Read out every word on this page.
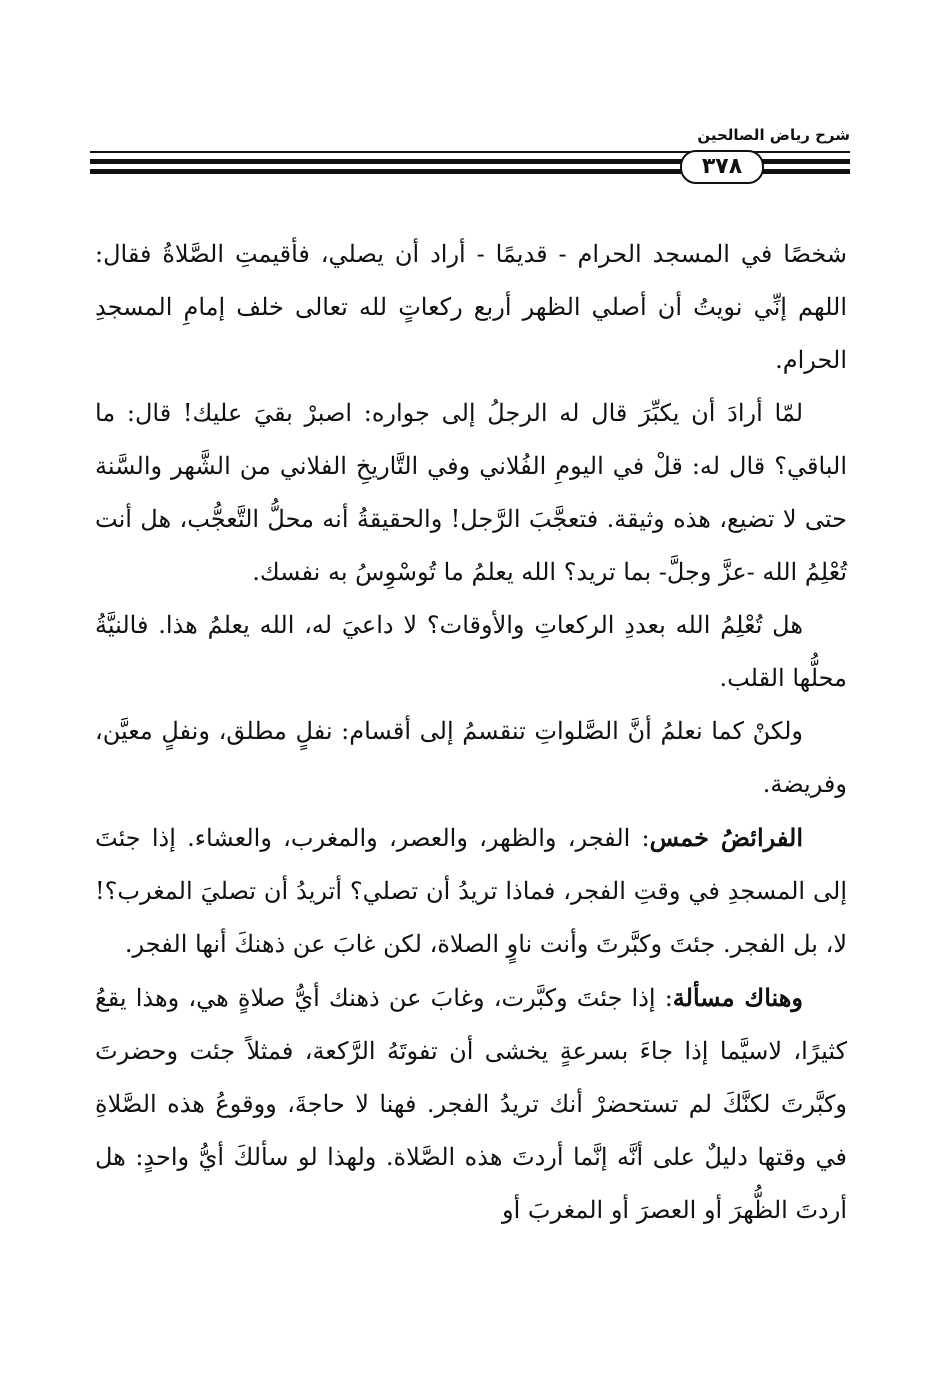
شرح رياض الصالحين
٣٧٨

شخصًا في المسجد الحرام - قديمًا - أراد أن يصلي، فأقيمتِ الصَّلاةُ فقال: اللهم إنِّي نويتُ أن أصلي الظهر أربع ركعاتٍ لله تعالى خلف إمامِ المسجدِ الحرام.

لمّا أرادَ أن يكبِّرَ قال له الرجلُ إلى جواره: اصبرْ بقيَ عليك! قال: ما الباقي؟ قال له: قلْ في اليومِ الفُلاني وفي التَّاريخِ الفلاني من الشَّهر والسَّنة حتى لا تضيع، هذه وثيقة. فتعجَّبَ الرَّجل! والحقيقةُ أنه محلُّ التَّعجُّب، هل أنت تُعْلِمُ الله -عزَّ وجلَّ- بما تريد؟ الله يعلمُ ما تُوسْوِسُ به نفسك.

هل تُعْلِمُ الله بعددِ الركعاتِ والأوقات؟ لا داعيَ له، الله يعلمُ هذا. فالنيَّةُ محلُّها القلب.

ولكنْ كما نعلمُ أنَّ الصَّلواتِ تنقسمُ إلى أقسام: نفلٍ مطلق، ونفلٍ معيَّن، وفريضة.

الفرائضُ خمس: الفجر، والظهر، والعصر، والمغرب، والعشاء. إذا جئتَ إلى المسجدِ في وقتِ الفجر، فماذا تريدُ أن تصلي؟ أتريدُ أن تصليَ المغرب؟! لا، بل الفجر. جئتَ وكبَّرتَ وأنت ناوٍ الصلاة، لكن غابَ عن ذهنكَ أنها الفجر.

وهناك مسألة: إذا جئتَ وكبَّرت، وغابَ عن ذهنك أيُّ صلاةٍ هي، وهذا يقعُ كثيرًا، لاسيَّما إذا جاءَ بسرعةٍ يخشى أن تفوتَهُ الرَّكعة، فمثلاً جئت وحضرتَ وكبَّرتَ لكنَّكَ لم تستحضرْ أنك تريدُ الفجر. فهنا لا حاجةَ، ووقوعُ هذه الصَّلاةِ في وقتها دليلٌ على أنَّه إنَّما أردتَ هذه الصَّلاة. ولهذا لو سألكَ أيُّ واحدٍ: هل أردتَ الظُّهرَ أو العصرَ أو المغربَ أو
